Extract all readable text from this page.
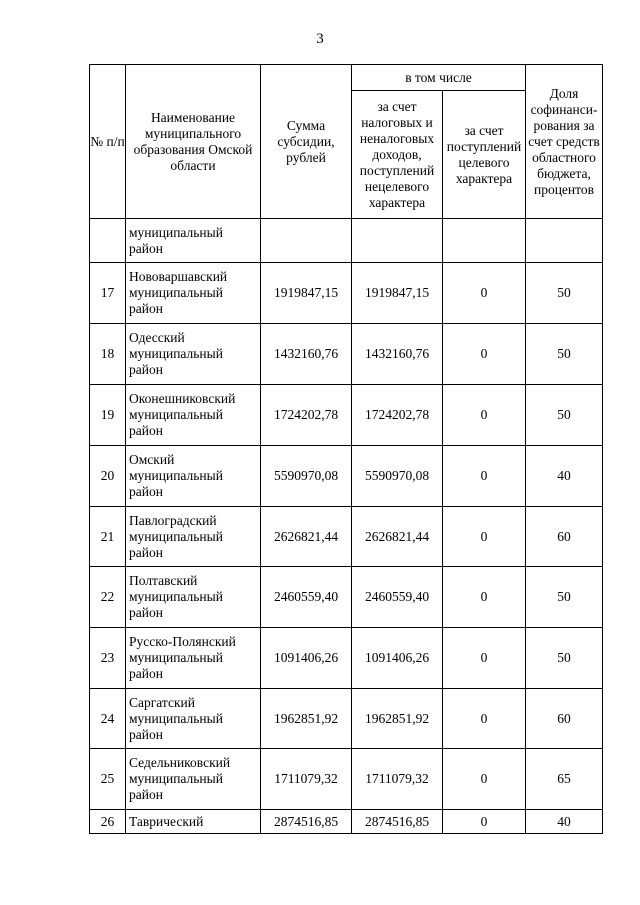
3
№ п/п	Наименование муниципального образования Омской области	Сумма субсидии, рублей	в том числе		Доля софинанси-рования за счет средств областного бюджета, процентов
			за счет налоговых и неналоговых доходов, поступлений нецелевого характера	за счет поступлений целевого характера	

	муниципальный
район				

17	Нововаршавский
муниципальный
район	1919847,15	1919847,15	0	50
18	Одесский
муниципальный
район	1432160,76	1432160,76	0	50
19	Оконешниковский
муниципальный
район	1724202,78	1724202,78	0	50
20	Омский
муниципальный
район	5590970,08	5590970,08	0	40
21	Павлоградский
муниципальный
район	2626821,44	2626821,44	0	60
22	Полтавский
муниципальный
район	2460559,40	2460559,40	0	50
23	Русско-Полянский
муниципальный
район	1091406,26	1091406,26	0	50
24	Саргатский
муниципальный
район	1962851,92	1962851,92	0	60
25	Седельниковский
муниципальный
район	1711079,32	1711079,32	0	65
26	Таврический	2874516,85	2874516,85	0	40
